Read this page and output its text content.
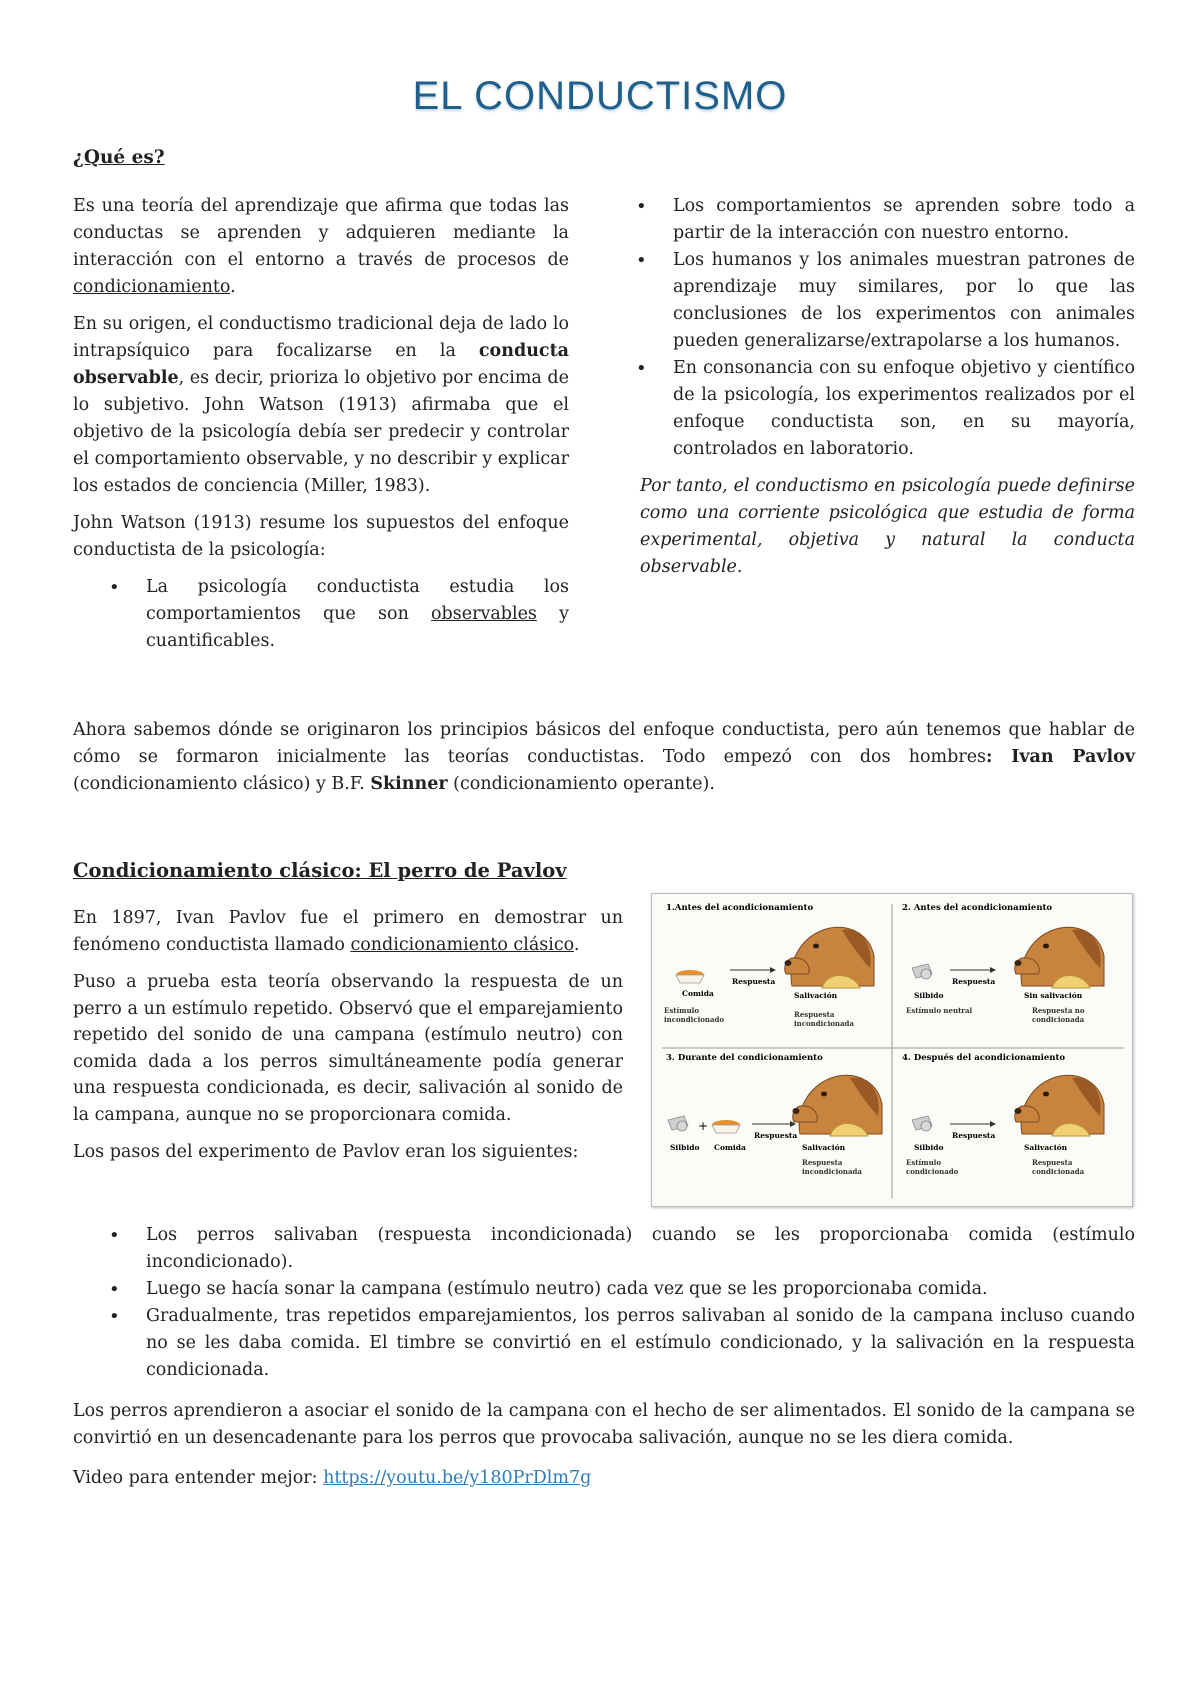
EL CONDUCTISMO
¿Qué es?

Es una teoría del aprendizaje que afirma que todas las conductas se aprenden y adquieren mediante la interacción con el entorno a través de procesos de condicionamiento.

En su origen, el conductismo tradicional deja de lado lo intrapsíquico para focalizarse en la conducta observable, es decir, prioriza lo objetivo por encima de lo subjetivo. John Watson (1913) afirmaba que el objetivo de la psicología debía ser predecir y controlar el comportamiento observable, y no describir y explicar los estados de conciencia (Miller, 1983).

John Watson (1913) resume los supuestos del enfoque conductista de la psicología:

• La psicología conductista estudia los comportamientos que son observables y cuantificables.
• Los comportamientos se aprenden sobre todo a partir de la interacción con nuestro entorno.
• Los humanos y los animales muestran patrones de aprendizaje muy similares, por lo que las conclusiones de los experimentos con animales pueden generalizarse/extrapolarse a los humanos.
• En consonancia con su enfoque objetivo y científico de la psicología, los experimentos realizados por el enfoque conductista son, en su mayoría, controlados en laboratorio.

Por tanto, el conductismo en psicología puede definirse como una corriente psicológica que estudia de forma experimental, objetiva y natural la conducta observable.

Ahora sabemos dónde se originaron los principios básicos del enfoque conductista, pero aún tenemos que hablar de cómo se formaron inicialmente las teorías conductistas. Todo empezó con dos hombres: Ivan Pavlov (condicionamiento clásico) y B.F. Skinner (condicionamiento operante).

Condicionamiento clásico: El perro de Pavlov

En 1897, Ivan Pavlov fue el primero en demostrar un fenómeno conductista llamado condicionamiento clásico.

Puso a prueba esta teoría observando la respuesta de un perro a un estímulo repetido. Observó que el emparejamiento repetido del sonido de una campana (estímulo neutro) con comida dada a los perros simultáneamente podía generar una respuesta condicionada, es decir, salivación al sonido de la campana, aunque no se proporcionara comida.

Los pasos del experimento de Pavlov eran los siguientes:

1.Antes del acondicionamiento
Respuesta
Comida	Salivación
Estímulo incondicionado
Respuesta incondicionada
2. Antes del acondicionamiento
Respuesta
Silbido	Sin salivación
Estímulo neutral	Respuesta no condicionada
3. Durante del condicionamiento
+
Respuesta
Silbido Comida	Salivación
Respuesta incondicionada
4. Después del acondicionamiento
Respuesta
Silbido	Salivación
Estímulo condicionado
Respuesta condicionada
• Los perros salivaban (respuesta incondicionada) cuando se les proporcionaba comida (estímulo incondicionado).
• Luego se hacía sonar la campana (estímulo neutro) cada vez que se les proporcionaba comida.
• Gradualmente, tras repetidos emparejamientos, los perros salivaban al sonido de la campana incluso cuando no se les daba comida. El timbre se convirtió en el estímulo condicionado, y la salivación en la respuesta condicionada.

Los perros aprendieron a asociar el sonido de la campana con el hecho de ser alimentados. El sonido de la campana se convirtió en un desencadenante para los perros que provocaba salivación, aunque no se les diera comida.

Video para entender mejor: https://youtu.be/y180PrDlm7g
